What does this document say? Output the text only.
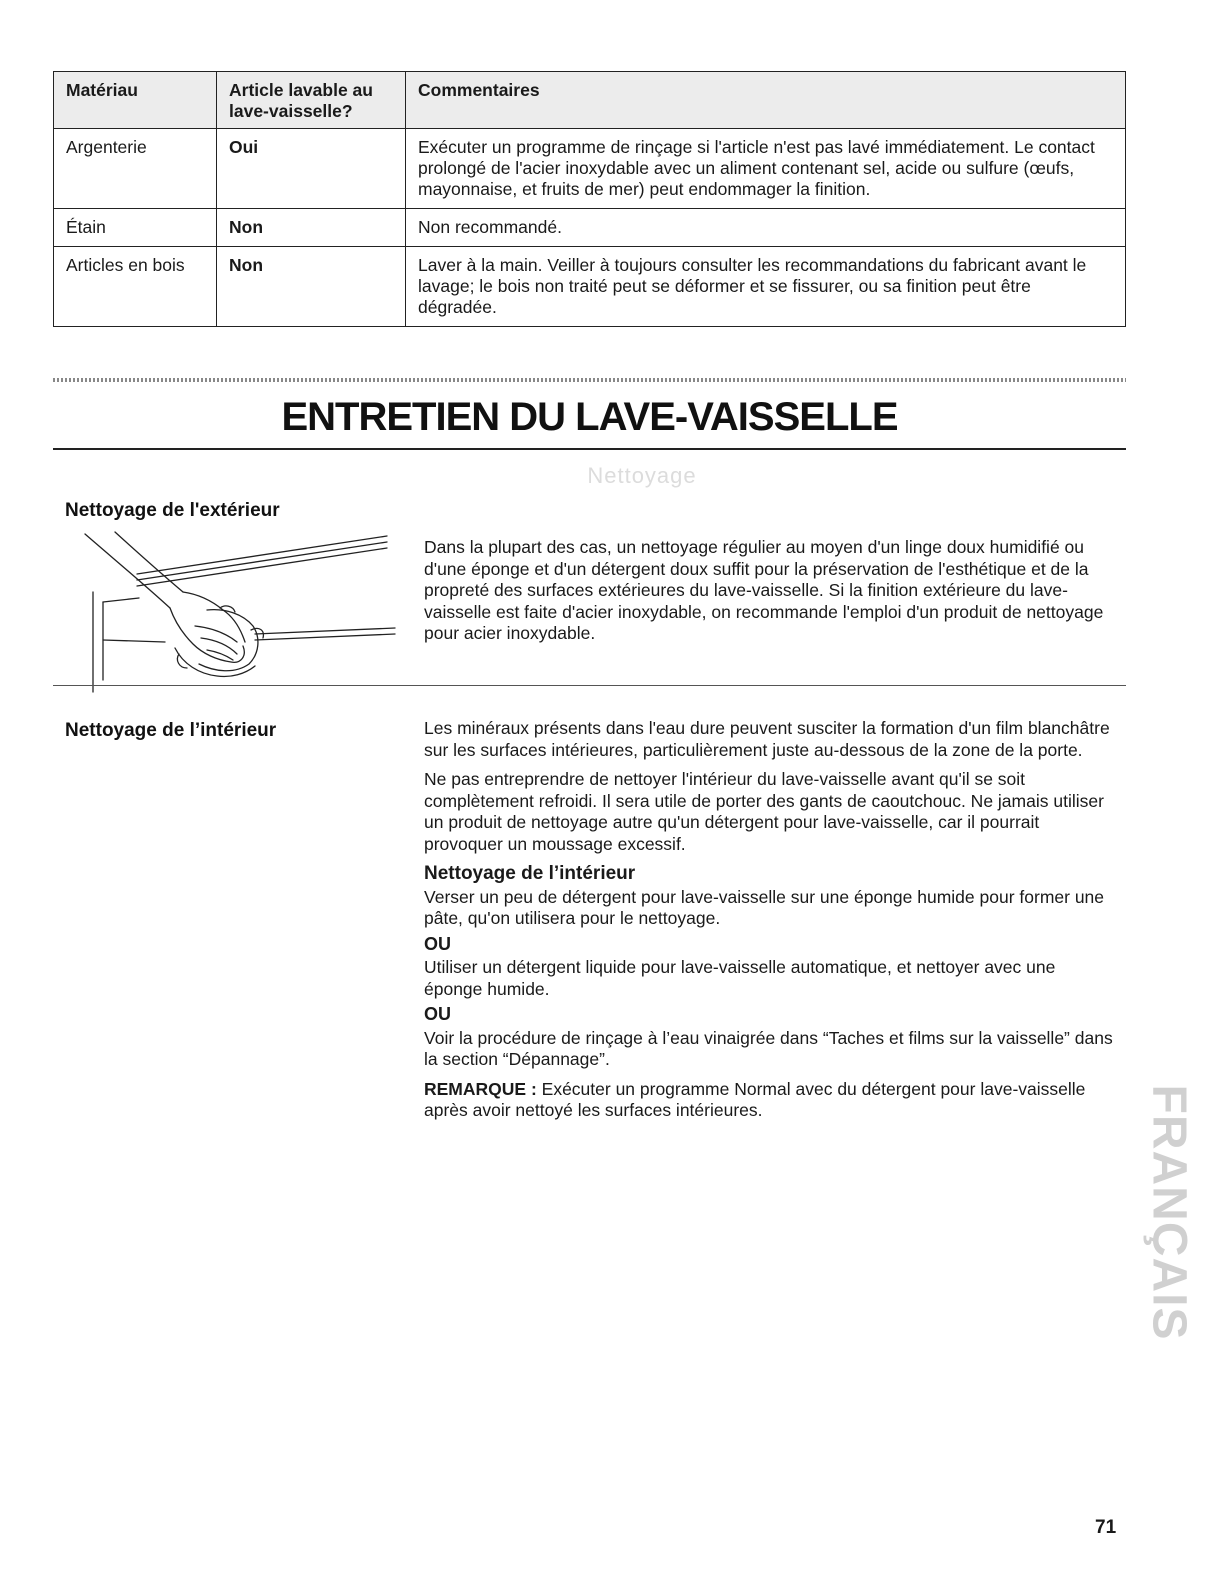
Matériau	Article lavable au lave-vaisselle?	Commentaires
Argenterie	Oui	Exécuter un programme de rinçage si l'article n'est pas lavé immédiatement. Le contact prolongé de l'acier inoxydable avec un aliment contenant sel, acide ou sulfure (œufs, mayonnaise, et fruits de mer) peut endommager la finition.
Étain	Non	Non recommandé.
Articles en bois	Non	Laver à la main. Veiller à toujours consulter les recommandations du fabricant avant le lavage; le bois non traité peut se déformer et se fissurer, ou sa finition peut être dégradée.
ENTRETIEN DU LAVE-VAISSELLE
Nettoyage
Nettoyage de l'extérieur
Dans la plupart des cas, un nettoyage régulier au moyen d'un linge doux humidifié ou d'une éponge et d'un détergent doux suffit pour la préservation de l'esthétique et de la propreté des surfaces extérieures du lave-vaisselle. Si la finition extérieure du lave-vaisselle est faite d'acier inoxydable, on recommande l'emploi d'un produit de nettoyage pour acier inoxydable.
Nettoyage de l’intérieur	Les minéraux présents dans l'eau dure peuvent susciter la formation d'un film blanchâtre sur les surfaces intérieures, particulièrement juste au-dessous de la zone de la porte.

Ne pas entreprendre de nettoyer l'intérieur du lave-vaisselle avant qu'il se soit complètement refroidi. Il sera utile de porter des gants de caoutchouc. Ne jamais utiliser un produit de nettoyage autre qu'un détergent pour lave-vaisselle, car il pourrait provoquer un moussage excessif.

Nettoyage de l’intérieur

Verser un peu de détergent pour lave-vaisselle sur une éponge humide pour former une pâte, qu'on utilisera pour le nettoyage.

OU

Utiliser un détergent liquide pour lave-vaisselle automatique, et nettoyer avec une éponge humide.

OU

Voir la procédure de rinçage à l’eau vinaigrée dans “Taches et films sur la vaisselle” dans la section “Dépannage”.

REMARQUE : Exécuter un programme Normal avec du détergent pour lave-vaisselle après avoir nettoyé les surfaces intérieures.	FRANÇAIS
71
